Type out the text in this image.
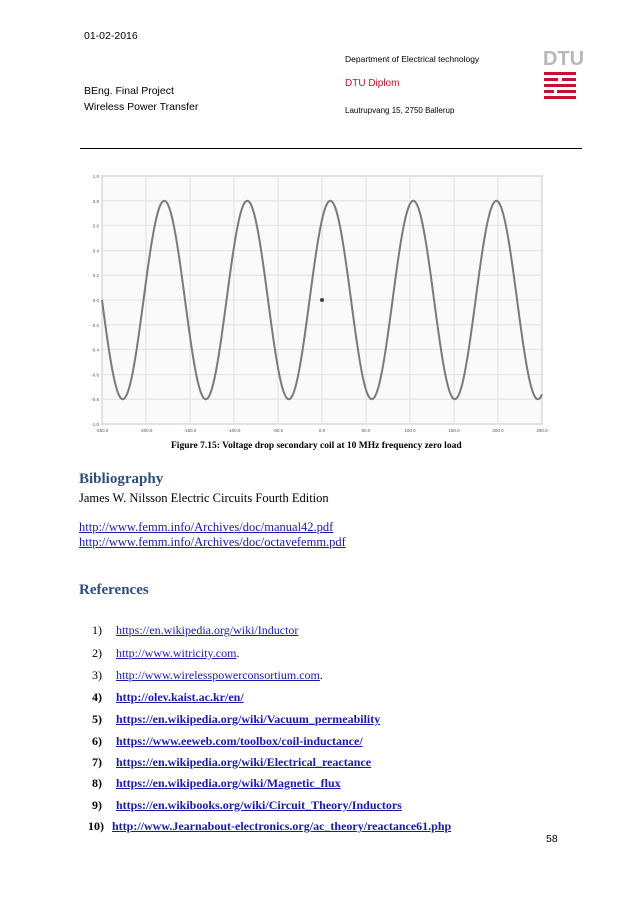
01-02-2016
BEng. Final Project
Wireless Power Transfer
Department of Electrical technology
DTU Diplom
Lautrupvang 15, 2750 Ballerup
DTU
1.0
0.8
0.6
0.4
0.2
0.0
-0.2
-0.4
-0.6
-0.8
-1.0
-250.0	-200.0	-150.0	-100.0	-50.0	0.0	50.0	100.0	150.0	200.0	250.0
Figure 7.15: Voltage drop secondary coil at 10 MHz frequency zero load
Bibliography
James W. Nilsson Electric Circuits Fourth Edition
http://www.femm.info/Archives/doc/manual42.pdf
http://www.femm.info/Archives/doc/octavefemm.pdf
References
1) https://en.wikipedia.org/wiki/Inductor
2) http://www.witricity.com.
3) http://www.wirelesspowerconsortium.com.
4) http://olev.kaist.ac.kr/en/
5) https://en.wikipedia.org/wiki/Vacuum_permeability
6) https://www.eeweb.com/toolbox/coil-inductance/
7) https://en.wikipedia.org/wiki/Electrical_reactance
8) https://en.wikipedia.org/wiki/Magnetic_flux
9) https://en.wikibooks.org/wiki/Circuit_Theory/Inductors
10) http://www.Jearnabout-electronics.org/ac_theory/reactance61.php
58
